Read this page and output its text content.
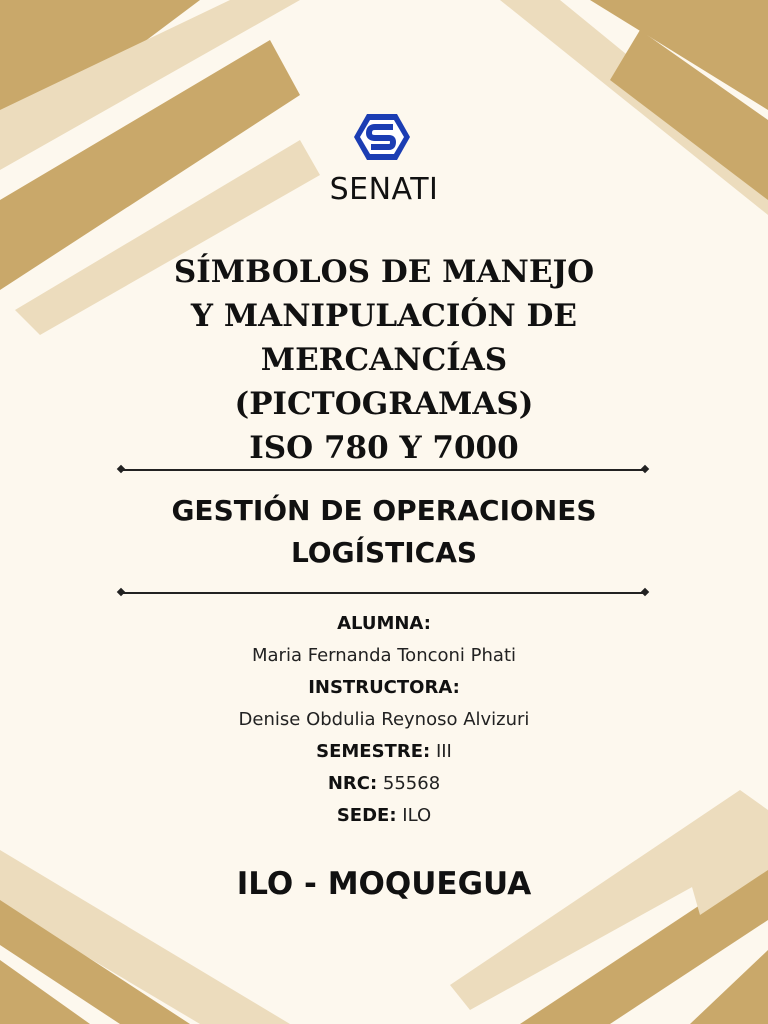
SENATI
SÍMBOLOS DE MANEJO
Y MANIPULACIÓN DE
MERCANCÍAS
(PICTOGRAMAS)
ISO 780 Y 7000
GESTIÓN DE OPERACIONES
LOGÍSTICAS
ALUMNA:
Maria Fernanda Tonconi Phati
INSTRUCTORA:
Denise Obdulia Reynoso Alvizuri
SEMESTRE: III
NRC: 55568
SEDE: ILO
ILO - MOQUEGUA
